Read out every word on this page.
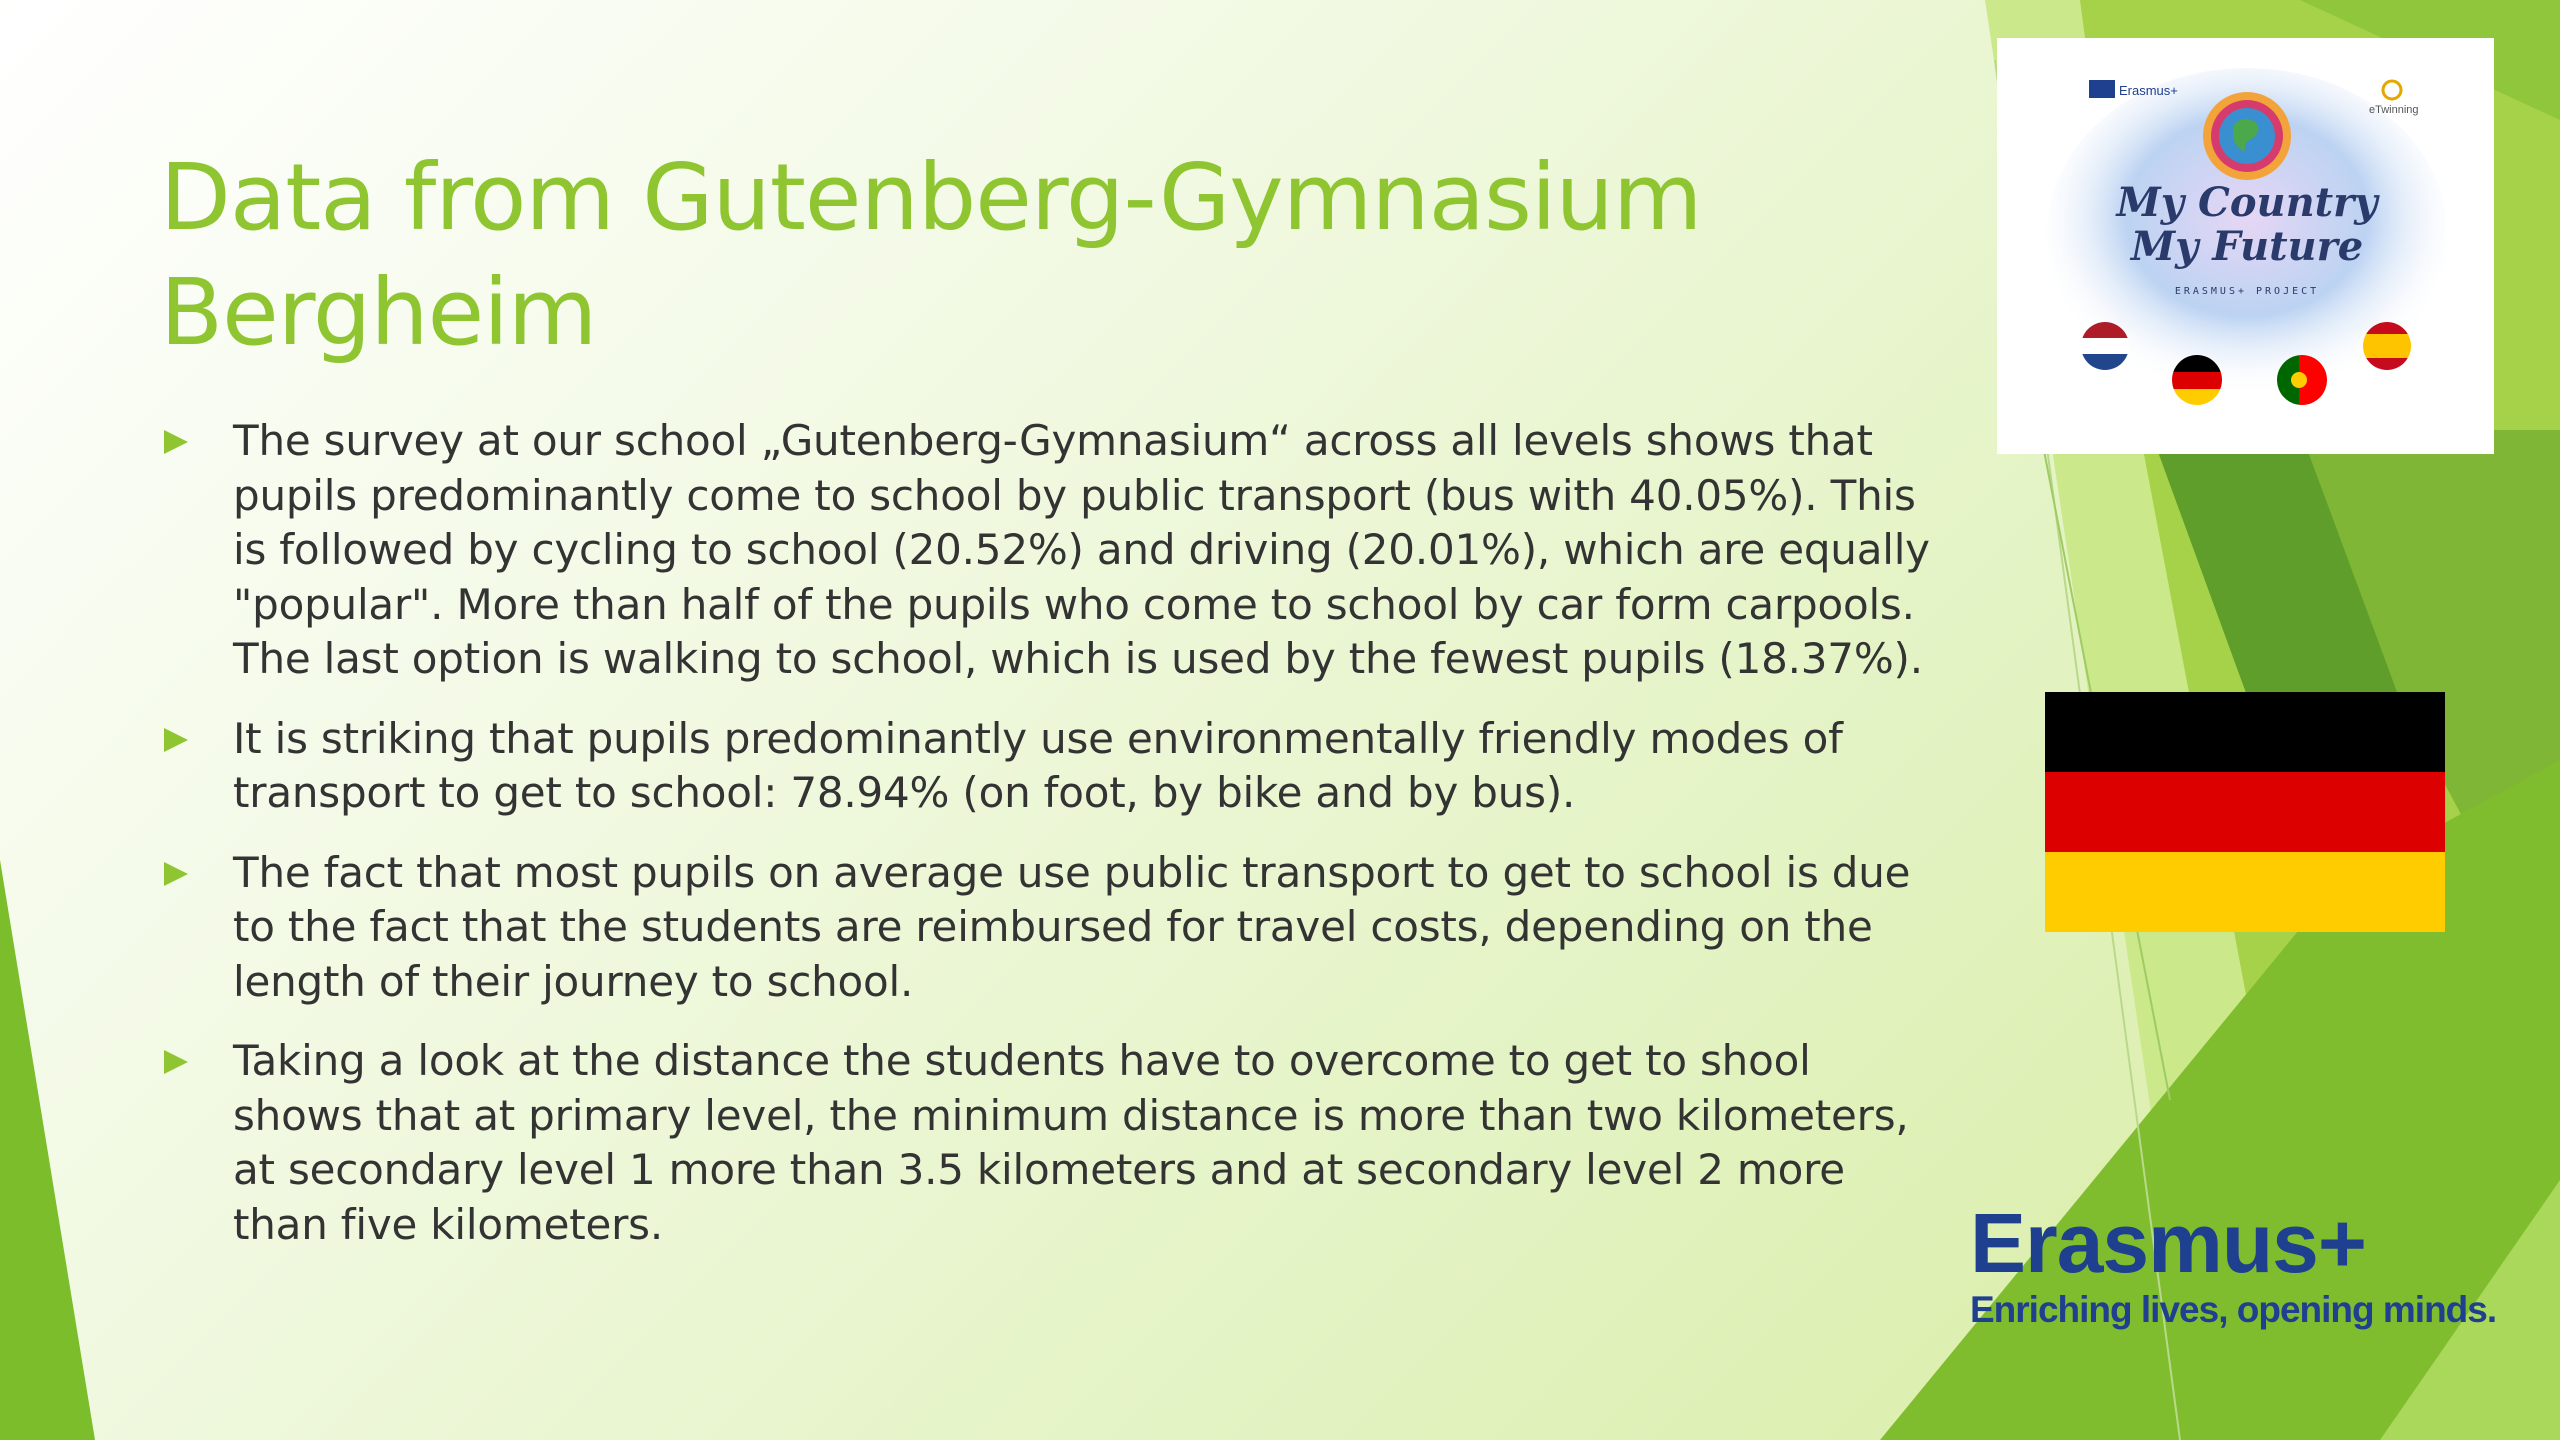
Data from Gutenberg-Gymnasium
Bergheim
The survey at our school „Gutenberg-Gymnasium“ across all levels shows that pupils predominantly come to school by public transport (bus with 40.05%). This is followed by cycling to school (20.52%) and driving (20.01%), which are equally "popular". More than half of the pupils who come to school by car form carpools. The last option is walking to school, which is used by the fewest pupils (18.37%).
It is striking that pupils predominantly use environmentally friendly modes of transport to get to school: 78.94% (on foot, by bike and by bus).
The fact that most pupils on average use public transport to get to school is due to the fact that the students are reimbursed for travel costs, depending on the length of their journey to school.
Taking a look at the distance the students have to overcome to get to shool shows that at primary level, the minimum distance is more than two kilometers, at secondary level 1 more than 3.5 kilometers and at secondary level 2 more than five kilometers.
Erasmus+
eTwinning
My Country
My Future
ERASMUS+ PROJECT
Erasmus+
Enriching lives, opening minds.
